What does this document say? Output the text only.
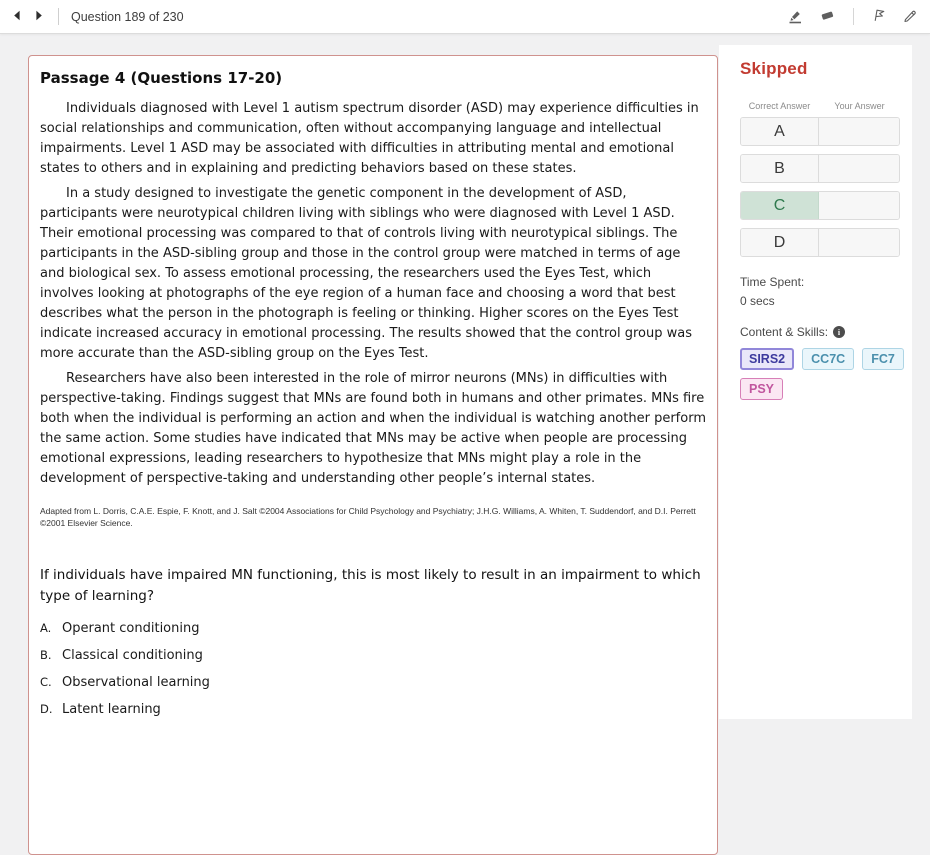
Question 189 of 230
Passage 4 (Questions 17-20)

Individuals diagnosed with Level 1 autism spectrum disorder (ASD) may experience difficulties in social relationships and communication, often without accompanying language and intellectual impairments. Level 1 ASD may be associated with difficulties in attributing mental and emotional states to others and in explaining and predicting behaviors based on these states.

In a study designed to investigate the genetic component in the development of ASD, participants were neurotypical children living with siblings who were diagnosed with Level 1 ASD. Their emotional processing was compared to that of controls living with neurotypical siblings. The participants in the ASD-sibling group and those in the control group were matched in terms of age and biological sex. To assess emotional processing, the researchers used the Eyes Test, which involves looking at photographs of the eye region of a human face and choosing a word that best describes what the person in the photograph is feeling or thinking. Higher scores on the Eyes Test indicate increased accuracy in emotional processing. The results showed that the control group was more accurate than the ASD-sibling group on the Eyes Test.

Researchers have also been interested in the role of mirror neurons (MNs) in difficulties with perspective-taking. Findings suggest that MNs are found both in humans and other primates. MNs fire both when the individual is performing an action and when the individual is watching another perform the same action. Some studies have indicated that MNs may be active when people are processing emotional expressions, leading researchers to hypothesize that MNs might play a role in the development of perspective-taking and understanding other people’s internal states.

Adapted from L. Dorris, C.A.E. Espie, F. Knott, and J. Salt ©2004 Associations for Child Psychology and Psychiatry; J.H.G. Williams, A. Whiten, T. Suddendorf, and D.I. Perrett ©2001 Elsevier Science.
If individuals have impaired MN functioning, this is most likely to result in an impairment to which type of learning?
A. Operant conditioning
B. Classical conditioning
C. Observational learning
D. Latent learning
Skipped
Correct Answer	Your Answer
A
B
C
D
Time Spent:
0 secs
Content & Skills:	i
SIRS2	CC7C	FC7
PSY
